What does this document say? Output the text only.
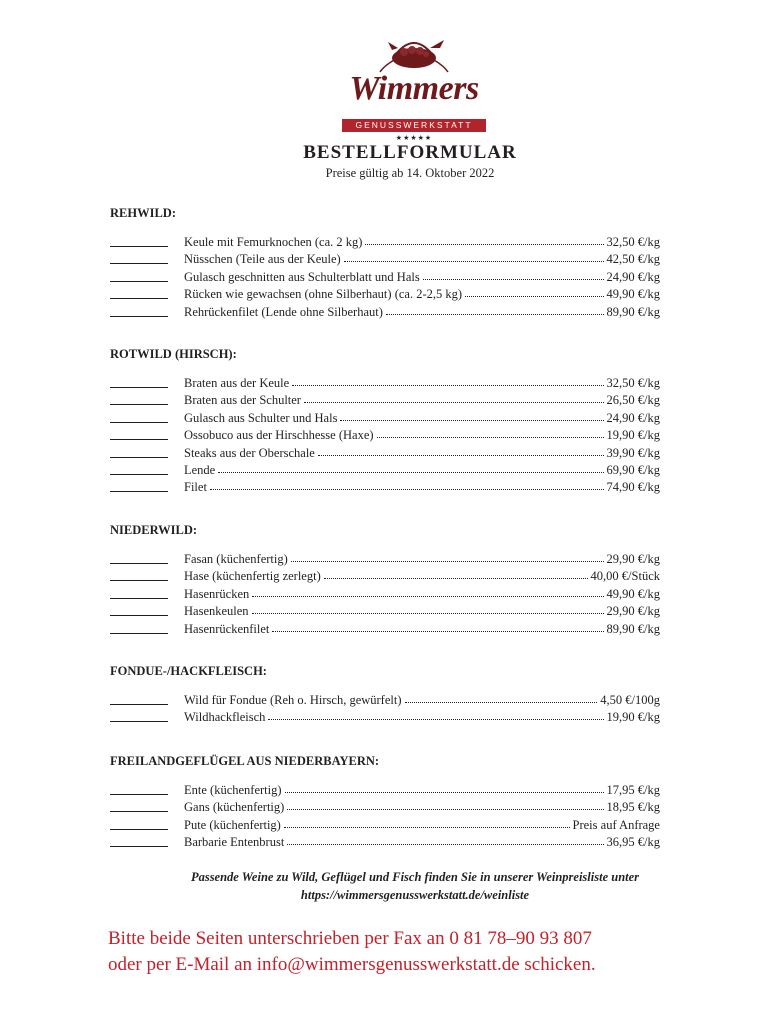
Wimmers
GENUSSWERKSTATT
★★★★★
BESTELLFORMULAR
Preise gültig ab 14. Oktober 2022
REHWILD:
Keule mit Femurknochen (ca. 2 kg)	32,50 €/kg
Nüsschen (Teile aus der Keule)	42,50 €/kg
Gulasch geschnitten aus Schulterblatt und Hals	24,90 €/kg
Rücken wie gewachsen (ohne Silberhaut) (ca. 2-2,5 kg)	49,90 €/kg
Rehrückenfilet (Lende ohne Silberhaut)	89,90 €/kg
ROTWILD (HIRSCH):
Braten aus der Keule	32,50 €/kg
Braten aus der Schulter	26,50 €/kg
Gulasch aus Schulter und Hals	24,90 €/kg
Ossobuco aus der Hirschhesse (Haxe)	19,90 €/kg
Steaks aus der Oberschale	39,90 €/kg
Lende	69,90 €/kg
Filet	74,90 €/kg
NIEDERWILD:
Fasan (küchenfertig)	29,90 €/kg
Hase (küchenfertig zerlegt)	40,00 €/Stück
Hasenrücken	49,90 €/kg
Hasenkeulen	29,90 €/kg
Hasenrückenfilet	89,90 €/kg
FONDUE-/HACKFLEISCH:
Wild für Fondue (Reh o. Hirsch, gewürfelt)	4,50 €/100g
Wildhackfleisch	19,90 €/kg
FREILANDGEFLÜGEL AUS NIEDERBAYERN:
Ente (küchenfertig)	17,95 €/kg
Gans (küchenfertig)	18,95 €/kg
Pute (küchenfertig)	Preis auf Anfrage
Barbarie Entenbrust	36,95 €/kg
Passende Weine zu Wild, Geflügel und Fisch finden Sie in unserer Weinpreisliste unter
https://wimmersgenusswerkstatt.de/weinliste
Bitte beide Seiten unterschrieben per Fax an 0 81 78–90 93 807
oder per E-Mail an info@wimmersgenusswerkstatt.de schicken.
